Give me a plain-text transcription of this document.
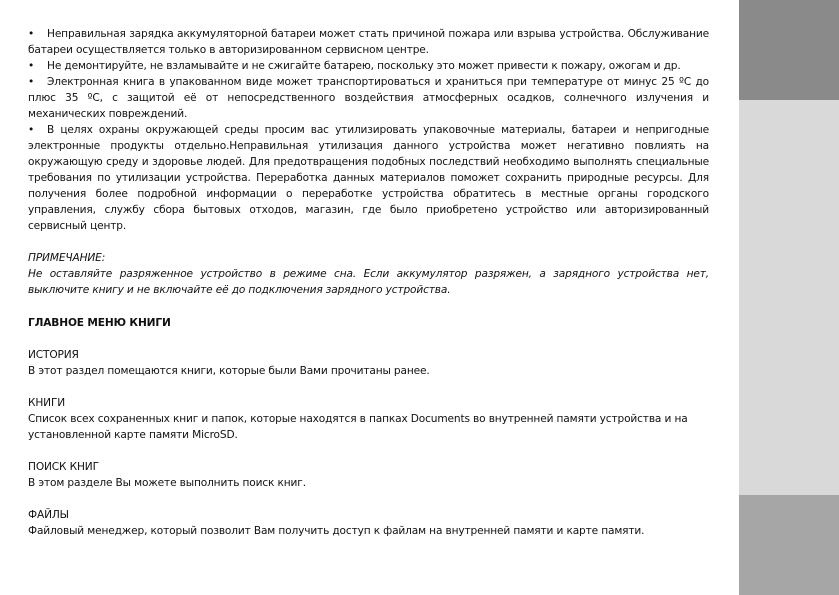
• Неправильная зарядка аккумуляторной батареи может стать причиной пожара или взрыва устройства. Обслуживание батареи осуществляется только в авторизированном сервисном центре.

• Не демонтируйте, не взламывайте и не сжигайте батарею, поскольку это может привести к пожару, ожогам и др.

• Электронная книга в упакованном виде может транспортироваться и храниться при температуре от минус 25 ºС до плюс 35 ºС, с защитой её от непосредственного воздействия атмосферных осадков, солнечного излучения и механических повреждений.

• В целях охраны окружающей среды просим вас утилизировать упаковочные материалы, батареи и непригодные электронные продукты отдельно.Неправильная утилизация данного устройства может негативно повлиять на окружающую среду и здоровье людей. Для предотвращения подобных последствий необходимо выполнять специальные требования по утилизации устройства. Переработка данных материалов поможет сохранить природные ресурсы. Для получения более подробной информации о переработке устройства обратитесь в местные органы городского управления, службу сбора бытовых отходов, магазин, где было приобретено устройство или авторизированный сервисный центр.

ПРИМЕЧАНИЕ:

Не оставляйте разряженное устройство в режиме сна. Если аккумулятор разряжен, а зарядного устройства нет, выключите книгу и не включайте её до подключения зарядного устройства.

ГЛАВНОЕ МЕНЮ КНИГИ

ИСТОРИЯ

В этот раздел помещаются книги, которые были Вами прочитаны ранее.

КНИГИ

Список всех сохраненных книг и папок, которые находятся в папках Documents во внутренней памяти устройства и на установленной карте памяти MicroSD.

ПОИСК КНИГ

В этом разделе Вы можете выполнить поиск книг.

ФАЙЛЫ

Файловый менеджер, который позволит Вам получить доступ к файлам на внутренней памяти и карте памяти.
